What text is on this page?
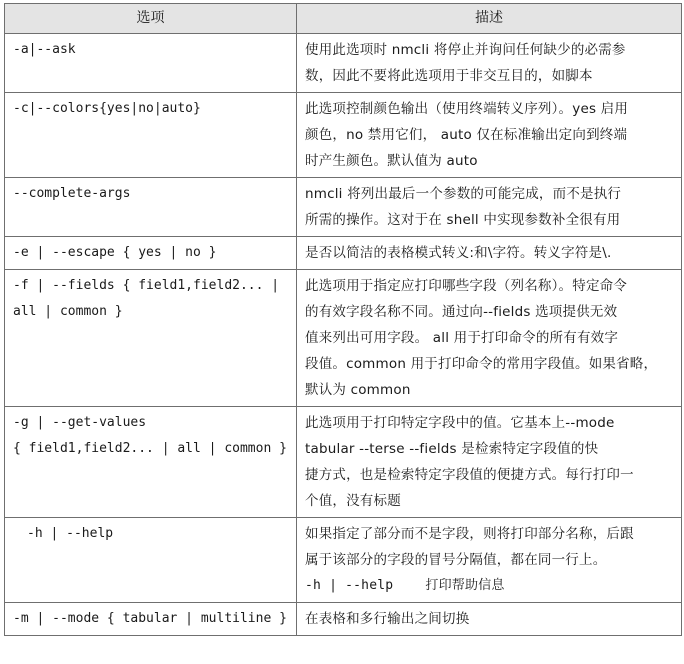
选项	描述

-a|--ask	使用此选项时 nmcli 将停止并询问任何缺少的必需参
数，因此不要将此选项用于非交互目的，如脚本

-c|--colors{yes|no|auto}	此选项控制颜色输出（使用终端转义序列）。yes 启用
颜色，no 禁用它们， auto 仅在标准输出定向到终端
时产生颜色。默认值为 auto

--complete-args	nmcli 将列出最后一个参数的可能完成，而不是执行
所需的操作。这对于在 shell 中实现参数补全很有用

-e | --escape { yes | no }	是否以简洁的表格模式转义:和\字符。转义字符是\.

-f | --fields { field1,field2... |
all | common }	此选项用于指定应打印哪些字段（列名称）。特定命令
的有效字段名称不同。通过向--fields 选项提供无效
值来列出可用字段。 all 用于打印命令的所有有效字
段值。common 用于打印命令的常用字段值。如果省略，
默认为 common

-g | --get-values
{ field1,field2... | all | common }	此选项用于打印特定字段中的值。它基本上--mode
tabular --terse --fields 是检索特定字段值的快
捷方式，也是检索特定字段值的便捷方式。每行打印一
个值，没有标题

-h | --help	如果指定了部分而不是字段，则将打印部分名称，后跟
属于该部分的字段的冒号分隔值，都在同一行上。
-h | --help    打印帮助信息

-m | --mode { tabular | multiline }	在表格和多行输出之间切换
